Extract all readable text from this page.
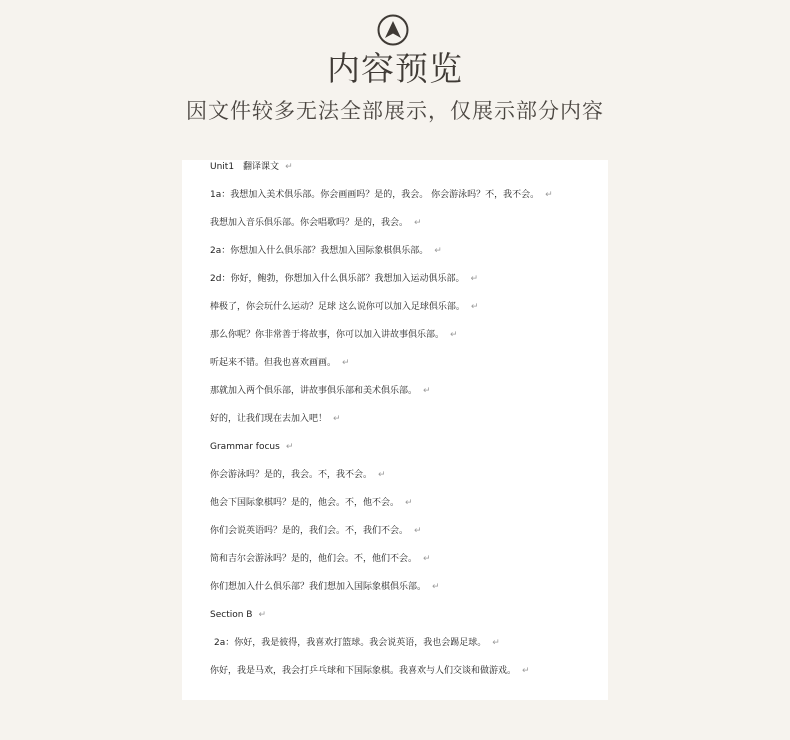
内容预览
因文件较多无法全部展示，仅展示部分内容
Unit1　翻译课文 ↵
1a：我想加入美术俱乐部。你会画画吗？是的，我会。 你会游泳吗？不，我不会。 ↵
我想加入音乐俱乐部。你会唱歌吗？是的，我会。 ↵
2a：你想加入什么俱乐部？我想加入国际象棋俱乐部。 ↵
2d：你好，鲍勃，你想加入什么俱乐部？我想加入运动俱乐部。 ↵
棒极了，你会玩什么运动？足球 这么说你可以加入足球俱乐部。 ↵
那么你呢？你非常善于将故事，你可以加入讲故事俱乐部。 ↵
听起来不错。但我也喜欢画画。 ↵
那就加入两个俱乐部，讲故事俱乐部和美术俱乐部。 ↵
好的，让我们现在去加入吧！ ↵
Grammar focus ↵
你会游泳吗？是的，我会。不，我不会。 ↵
他会下国际象棋吗？是的，他会。不，他不会。 ↵
你们会说英语吗？是的，我们会。不，我们不会。 ↵
简和吉尔会游泳吗？是的，他们会。不，他们不会。 ↵
你们想加入什么俱乐部？我们想加入国际象棋俱乐部。 ↵
Section B ↵
2a：你好，我是彼得，我喜欢打篮球。我会说英语，我也会踢足球。 ↵
你好，我是马欢，我会打乒乓球和下国际象棋。我喜欢与人们交谈和做游戏。 ↵
